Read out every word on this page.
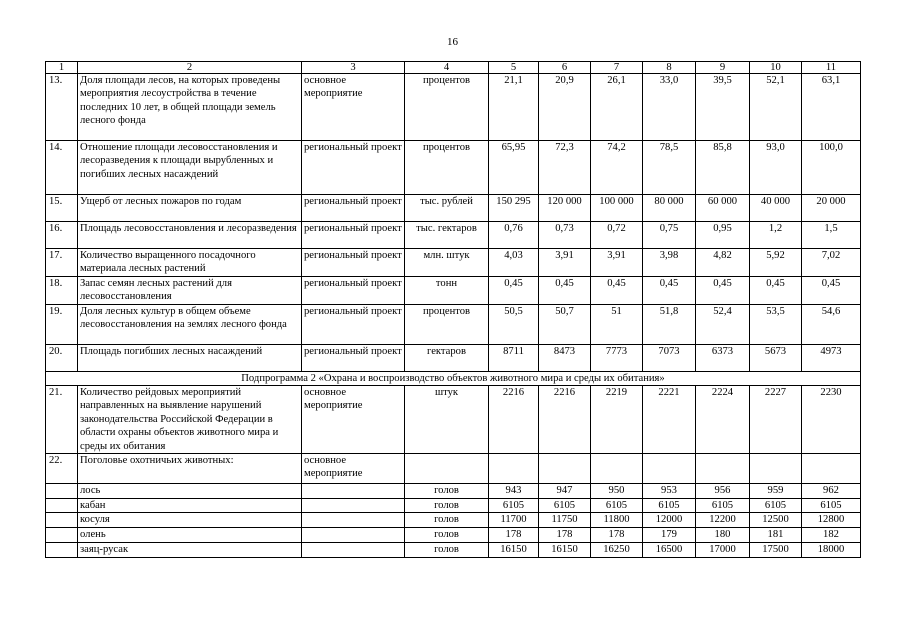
16
1	2	3	4	5	6	7	8	9	10	11
13.	Доля площади лесов, на которых проведены мероприятия лесоустройства в течение последних 10 лет, в общей площади земель лесного фонда	основное мероприятие	процентов	21,1	20,9	26,1	33,0	39,5	52,1	63,1
14.	Отношение площади лесовосстановления и лесоразведения к площади вырубленных и погибших лесных насаждений	региональный проект	процентов	65,95	72,3	74,2	78,5	85,8	93,0	100,0
15.	Ущерб от лесных пожаров по годам	региональный проект	тыс. рублей	150 295	120 000	100 000	80 000	60 000	40 000	20 000
16.	Площадь лесовосстановления и лесоразведения	региональный проект	тыс. гектаров	0,76	0,73	0,72	0,75	0,95	1,2	1,5
17.	Количество выращенного посадочного материала лесных растений	региональный проект	млн. штук	4,03	3,91	3,91	3,98	4,82	5,92	7,02
18.	Запас семян лесных растений для лесовосстановления	региональный проект	тонн	0,45	0,45	0,45	0,45	0,45	0,45	0,45
19.	Доля лесных культур в общем объеме лесовосстановления на землях лесного фонда	региональный проект	процентов	50,5	50,7	51	51,8	52,4	53,5	54,6
20.	Площадь погибших лесных насаждений	региональный проект	гектаров	8711	8473	7773	7073	6373	5673	4973
Подпрограмма 2 «Охрана и воспроизводство объектов животного мира и среды их обитания»										
21.	Количество рейдовых мероприятий направленных на выявление нарушений законодательства Российской Федерации в области охраны объектов животного мира и среды их обитания	основное мероприятие	штук	2216	2216	2219	2221	2224	2227	2230
22.	Поголовье охотничьих животных:	основное мероприятие								
	лось		голов	943	947	950	953	956	959	962
	кабан		голов	6105	6105	6105	6105	6105	6105	6105
	косуля		голов	11700	11750	11800	12000	12200	12500	12800
	олень		голов	178	178	178	179	180	181	182
	заяц-русак		голов	16150	16150	16250	16500	17000	17500	18000
